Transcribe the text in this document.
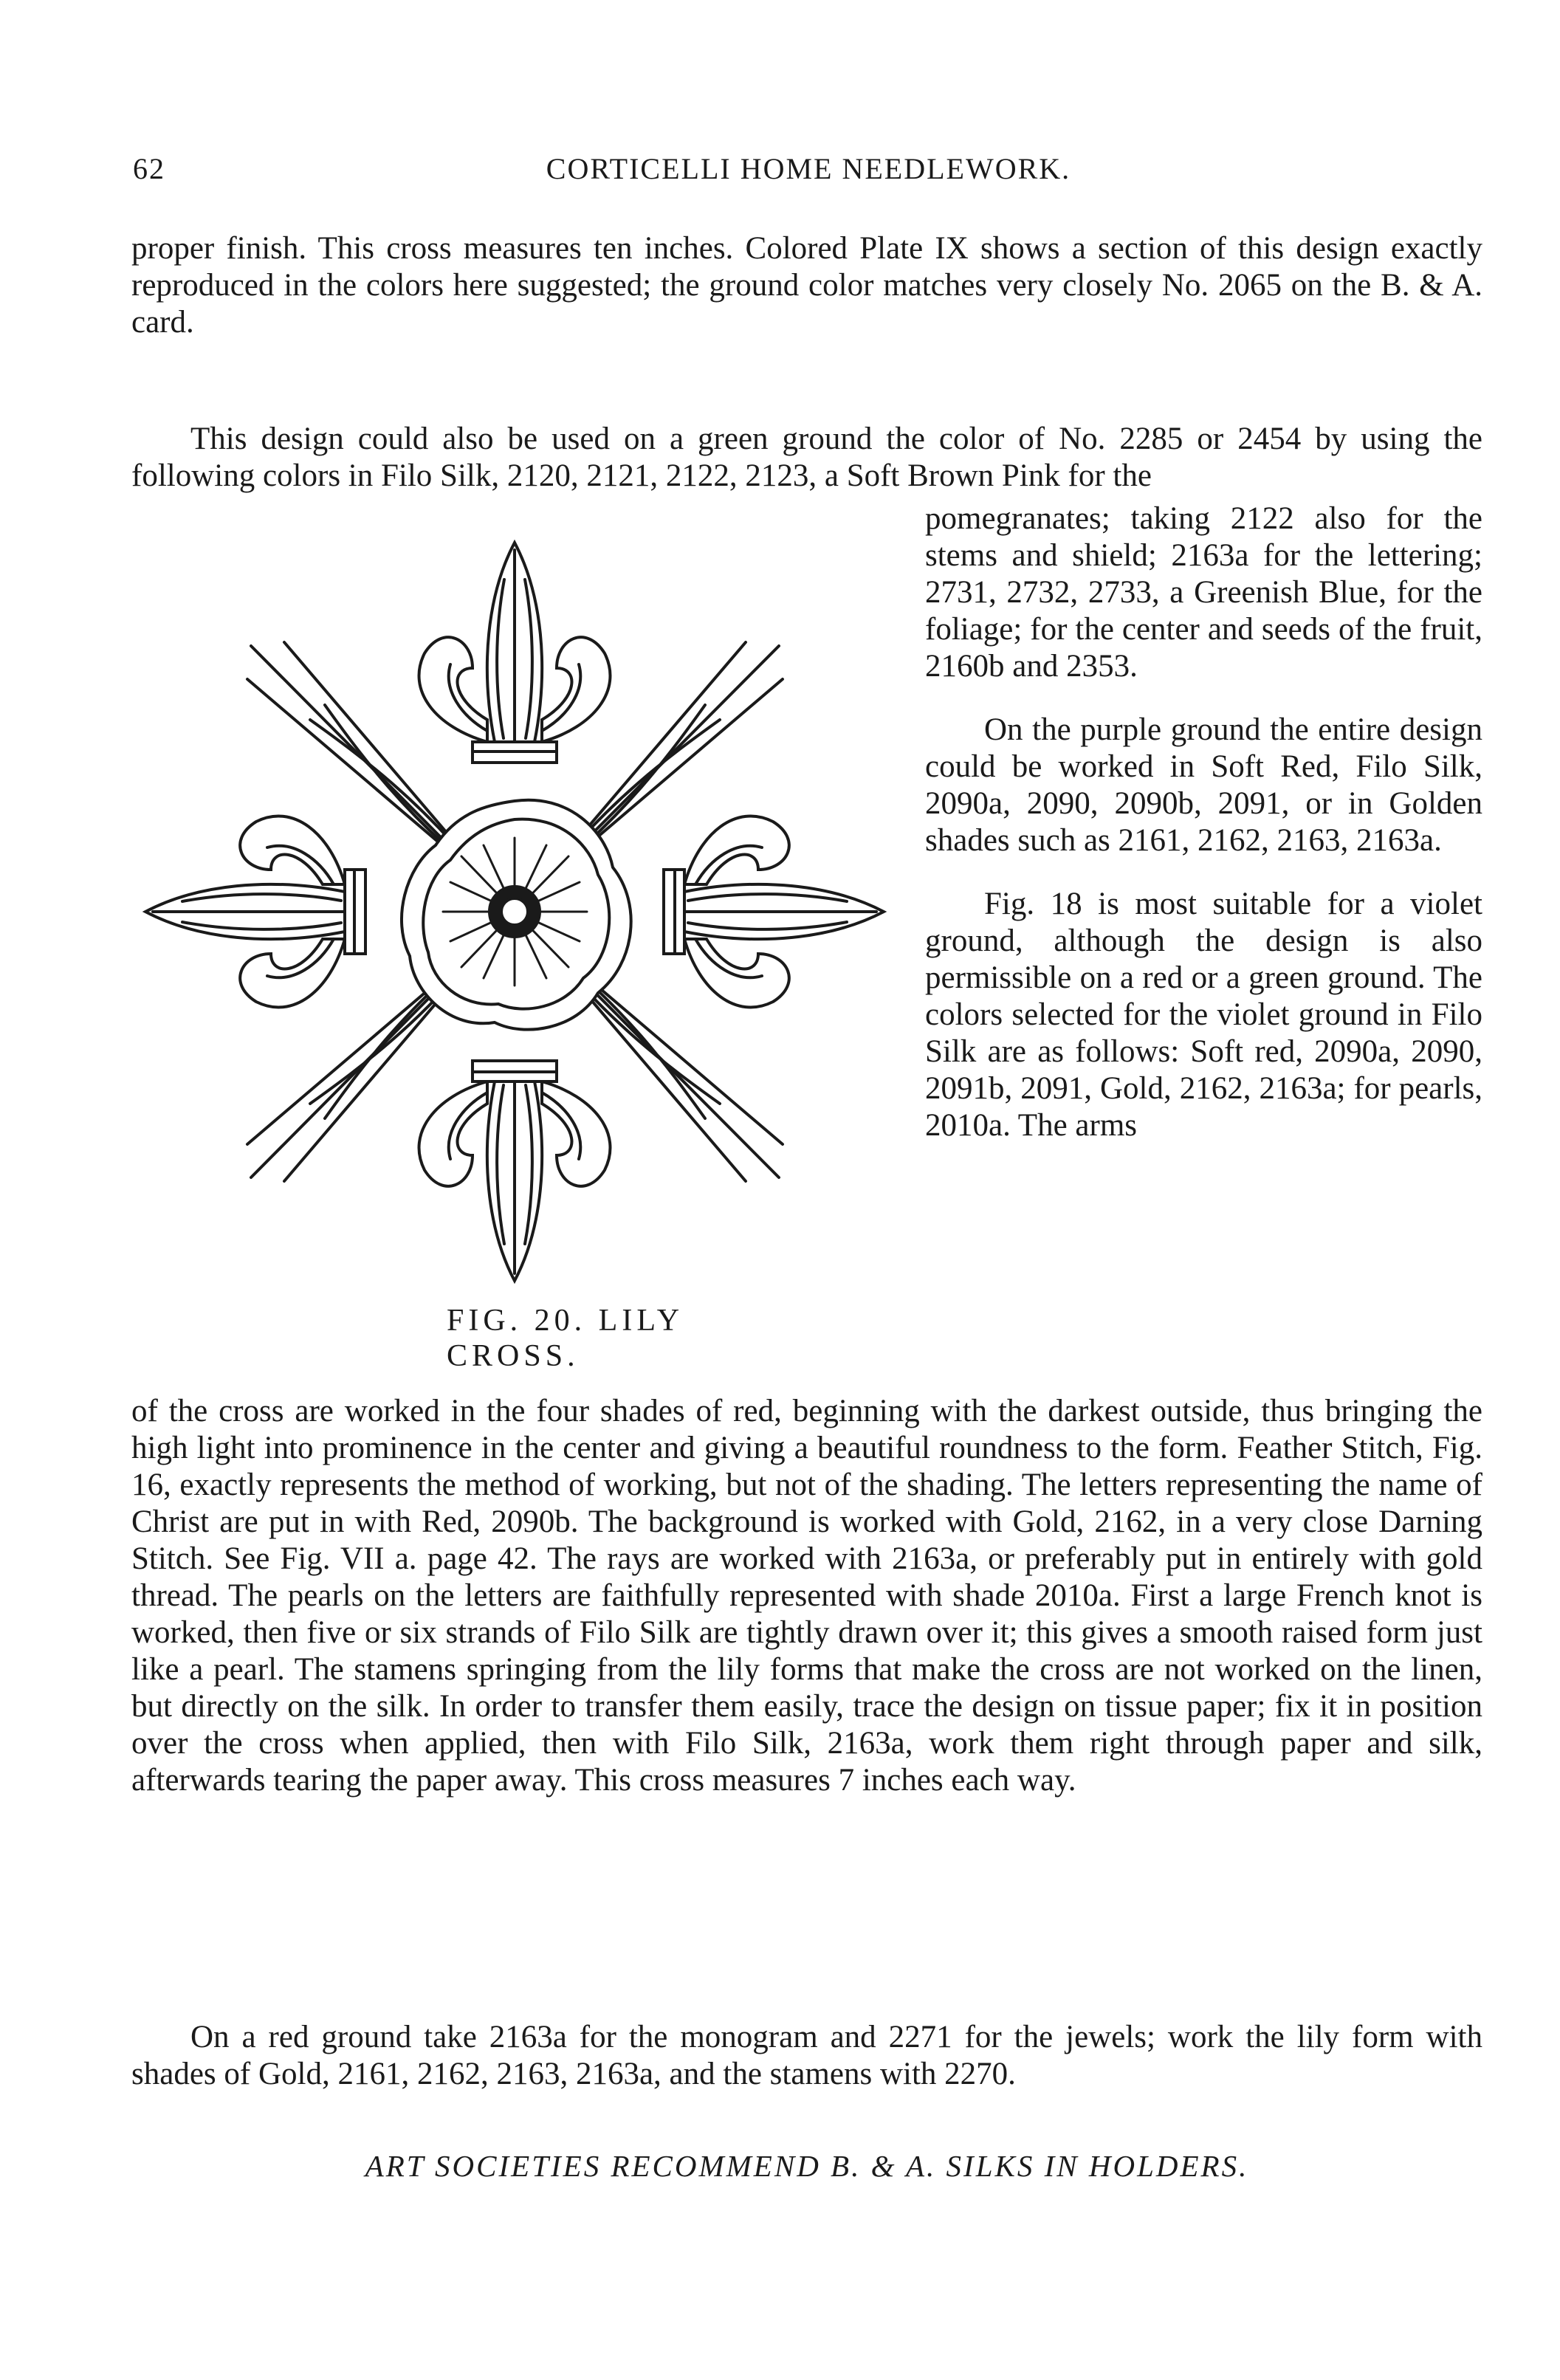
62	CORTICELLI HOME NEEDLEWORK.
proper finish. This cross measures ten inches. Colored Plate IX shows a section of this design exactly reproduced in the colors here suggested; the ground color matches very closely No. 2065 on the B. & A. card.
This design could also be used on a green ground the color of No. 2285 or 2454 by using the following colors in Filo Silk, 2120, 2121, 2122, 2123, a Soft Brown Pink for the
FIG. 20. LILY CROSS.

pomegranates; taking 2122 also for the stems and shield; 2163a for the lettering; 2731, 2732, 2733, a Greenish Blue, for the foliage; for the center and seeds of the fruit, 2160b and 2353.

On the purple ground the entire design could be worked in Soft Red, Filo Silk, 2090a, 2090, 2090b, 2091, or in Golden shades such as 2161, 2162, 2163, 2163a.

Fig. 18 is most suitable for a violet ground, although the design is also permissible on a red or a green ground. The colors selected for the violet ground in Filo Silk are as follows: Soft red, 2090a, 2090, 2091b, 2091, Gold, 2162, 2163a; for pearls, 2010a. The arms

of the cross are worked in the four shades of red, beginning with the darkest outside, thus bringing the high light into prominence in the center and giving a beautiful roundness to the form. Feather Stitch, Fig. 16, exactly represents the method of working, but not of the shading. The letters representing the name of Christ are put in with Red, 2090b. The background is worked with Gold, 2162, in a very close Darning Stitch. See Fig. VII a. page 42. The rays are worked with 2163a, or preferably put in entirely with gold thread. The pearls on the letters are faithfully represented with shade 2010a. First a large French knot is worked, then five or six strands of Filo Silk are tightly drawn over it; this gives a smooth raised form just like a pearl. The stamens springing from the lily forms that make the cross are not worked on the linen, but directly on the silk. In order to transfer them easily, trace the design on tissue paper; fix it in position over the cross when applied, then with Filo Silk, 2163a, work them right through paper and silk, afterwards tearing the paper away. This cross measures 7 inches each way.
On a red ground take 2163a for the monogram and 2271 for the jewels; work the lily form with shades of Gold, 2161, 2162, 2163, 2163a, and the stamens with 2270.
ART SOCIETIES RECOMMEND B. & A. SILKS IN HOLDERS.
